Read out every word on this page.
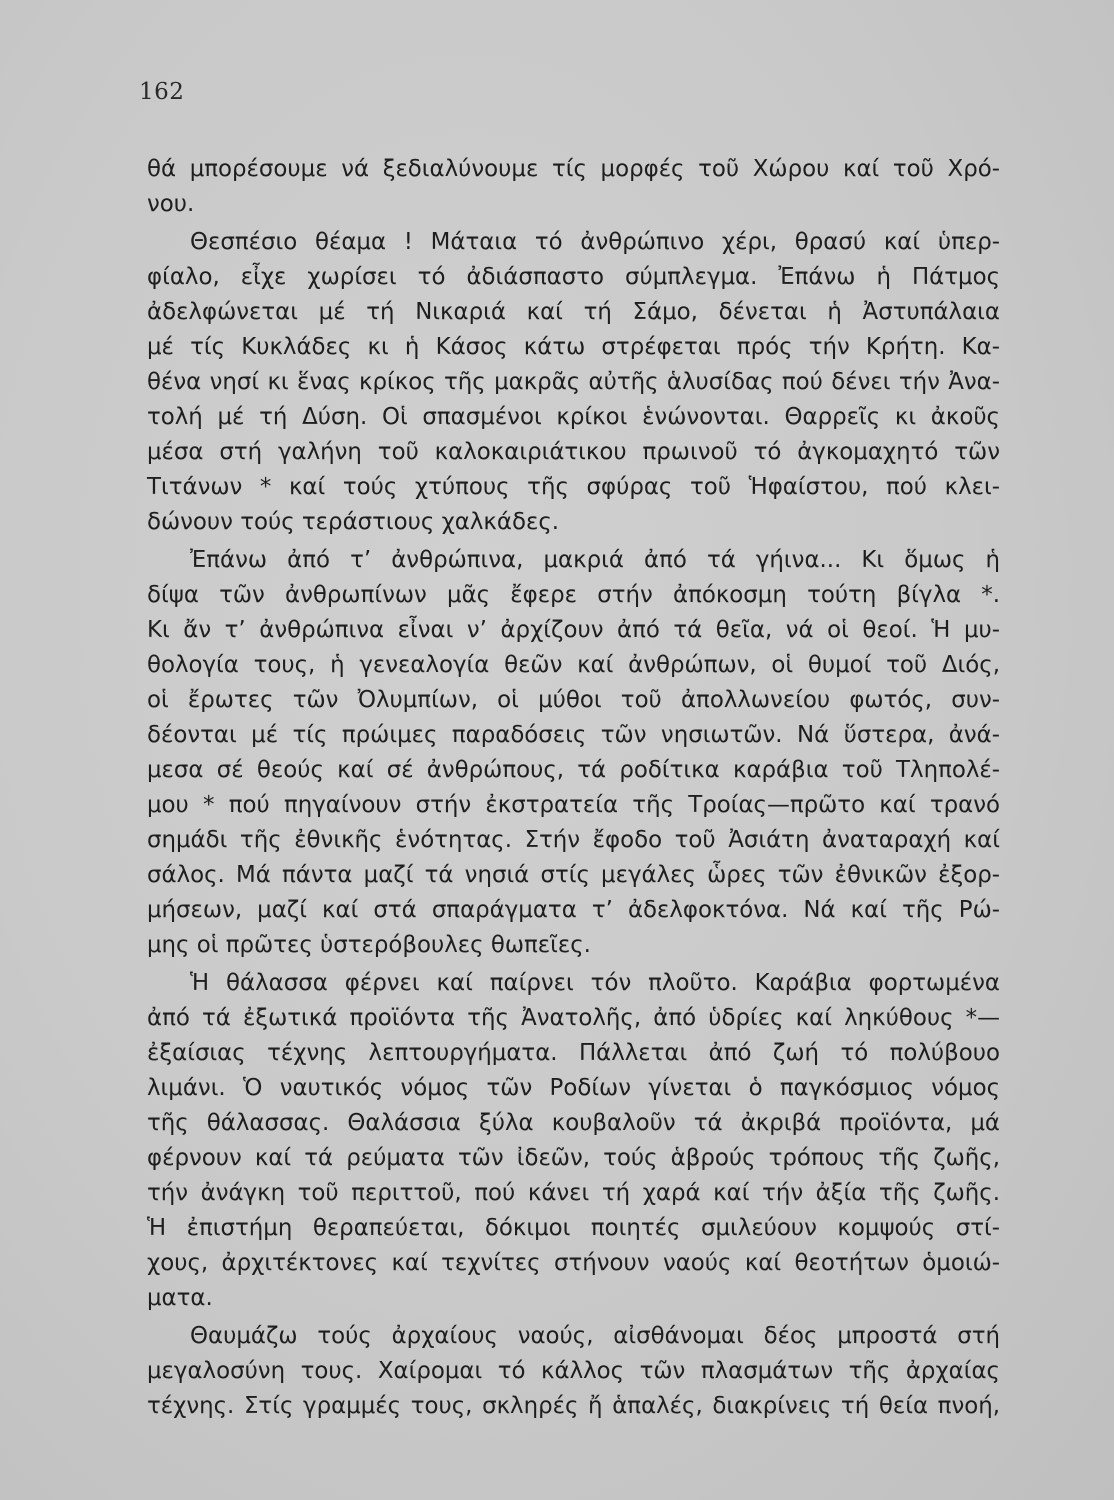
162
θά μπορέσουμε νά ξεδιαλύνουμε τίς μορφές τοῦ Χώρου καί τοῦ Χρό-
νου.
Θεσπέσιο θέαμα ! Μάταια τό ἀνθρώπινο χέρι, θρασύ καί ὑπερ-
φίαλο, εἶχε χωρίσει τό ἀδιάσπαστο σύμπλεγμα. Ἐπάνω ἡ Πάτμος
ἀδελφώνεται μέ τή Νικαριά καί τή Σάμο, δένεται ἡ Ἀστυπάλαια
μέ τίς Κυκλάδες κι ἡ Κάσος κάτω στρέφεται πρός τήν Κρήτη. Κα-
θένα νησί κι ἕνας κρίκος τῆς μακρᾶς αὐτῆς ἁλυσίδας πού δένει τήν Ἀνα-
τολή μέ τή Δύση. Οἱ σπασμένοι κρίκοι ἑνώνονται. Θαρρεῖς κι ἀκοῦς
μέσα στή γαλήνη τοῦ καλοκαιριάτικου πρωινοῦ τό ἀγκομαχητό τῶν
Τιτάνων * καί τούς χτύπους τῆς σφύρας τοῦ Ἡφαίστου, πού κλει-
δώνουν τούς τεράστιους χαλκάδες.
Ἐπάνω ἀπό τ’ ἀνθρώπινα, μακριά ἀπό τά γήινα... Κι ὅμως ἡ
δίψα τῶν ἀνθρωπίνων μᾶς ἔφερε στήν ἀπόκοσμη τούτη βίγλα *.
Κι ἄν τ’ ἀνθρώπινα εἶναι ν’ ἀρχίζουν ἀπό τά θεῖα, νά οἱ θεοί. Ἡ μυ-
θολογία τους, ἡ γενεαλογία θεῶν καί ἀνθρώπων, οἱ θυμοί τοῦ Διός,
οἱ ἔρωτες τῶν Ὀλυμπίων, οἱ μύθοι τοῦ ἀπολλωνείου φωτός, συν-
δέονται μέ τίς πρώιμες παραδόσεις τῶν νησιωτῶν. Νά ὕστερα, ἀνά-
μεσα σέ θεούς καί σέ ἀνθρώπους, τά ροδίτικα καράβια τοῦ Τληπολέ-
μου * πού πηγαίνουν στήν ἐκστρατεία τῆς Τροίας—πρῶτο καί τρανό
σημάδι τῆς ἐθνικῆς ἑνότητας. Στήν ἔφοδο τοῦ Ἀσιάτη ἀναταραχή καί
σάλος. Μά πάντα μαζί τά νησιά στίς μεγάλες ὧρες τῶν ἐθνικῶν ἐξορ-
μήσεων, μαζί καί στά σπαράγματα τ’ ἀδελφοκτόνα. Νά καί τῆς Ρώ-
μης οἱ πρῶτες ὑστερόβουλες θωπεῖες.
Ἡ θάλασσα φέρνει καί παίρνει τόν πλοῦτο. Καράβια φορτωμένα
ἀπό τά ἐξωτικά προϊόντα τῆς Ἀνατολῆς, ἀπό ὑδρίες καί ληκύθους *—
ἐξαίσιας τέχνης λεπτουργήματα. Πάλλεται ἀπό ζωή τό πολύβουο
λιμάνι. Ὁ ναυτικός νόμος τῶν Ροδίων γίνεται ὁ παγκόσμιος νόμος
τῆς θάλασσας. Θαλάσσια ξύλα κουβαλοῦν τά ἀκριβά προϊόντα, μά
φέρνουν καί τά ρεύματα τῶν ἰδεῶν, τούς ἁβρούς τρόπους τῆς ζωῆς,
τήν ἀνάγκη τοῦ περιττοῦ, πού κάνει τή χαρά καί τήν ἀξία τῆς ζωῆς.
Ἡ ἐπιστήμη θεραπεύεται, δόκιμοι ποιητές σμιλεύουν κομψούς στί-
χους, ἀρχιτέκτονες καί τεχνίτες στήνουν ναούς καί θεοτήτων ὁμοιώ-
ματα.
Θαυμάζω τούς ἀρχαίους ναούς, αἰσθάνομαι δέος μπροστά στή
μεγαλοσύνη τους. Χαίρομαι τό κάλλος τῶν πλασμάτων τῆς ἀρχαίας
τέχνης. Στίς γραμμές τους, σκληρές ἤ ἁπαλές, διακρίνεις τή θεία πνοή,
